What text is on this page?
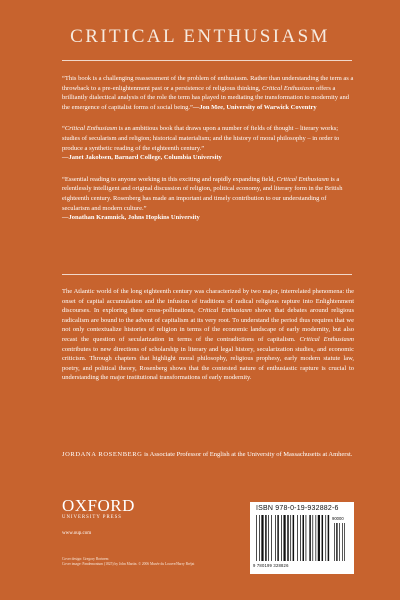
CRITICAL ENTHUSIASM

“This book is a challenging reassessment of the problem of enthusiasm. Rather than understanding the term as a throwback to a pre-enlightenment past or a persistence of religious thinking, Critical Enthusiasm offers a brilliantly dialectical analysis of the role the term has played in mediating the transformation to modernity and the emergence of capitalist forms of social being.”—Jon Mee, University of Warwick Coventry

“Critical Enthusiasm is an ambitious book that draws upon a number of fields of thought – literary works; studies of secularism and religion; historical materialism; and the history of moral philosophy – in order to produce a synthetic reading of the eighteenth century.”
—Janet Jakobsen, Barnard College, Columbia University

“Essential reading to anyone working in this exciting and rapidly expanding field, Critical Enthusiasm is a relentlessly intelligent and original discussion of religion, political economy, and literary form in the British eighteenth century. Rosenberg has made an important and timely contribution to our understanding of secularism and modern culture.”
—Jonathan Kramnick, Johns Hopkins University

The Atlantic world of the long eighteenth century was characterized by two major, interrelated phenomena: the onset of capital accumulation and the infusion of traditions of radical religious rapture into Enlightenment discourses. In exploring these cross-pollinations, Critical Enthusiasm shows that debates around religious radicalism are bound to the advent of capitalism at its very root. To understand the period thus requires that we not only contextualize histories of religion in terms of the economic landscape of early modernity, but also recast the question of secularization in terms of the contradictions of capitalism. Critical Enthusiasm contributes to new directions of scholarship in literary and legal history, secularization studies, and economic criticism. Through chapters that highlight moral philosophy, religious prophesy, early modern statute law, poetry, and political theory, Rosenberg shows that the contested nature of enthusiastic rapture is crucial to understanding the major institutional transformations of early modernity.
JORDANA ROSENBERG is Associate Professor of English at the University of Massachusetts at Amherst.
OXFORD
UNIVERSITY PRESS
www.oup.com
Cover design: Gregory Bortnem
Cover image: Pandemonium (1825) by John Martin. © 2006 Musée du Louvre/Harry Bréjat
ISBN 978-0-19-932882-6
90000
9 780199 328826
